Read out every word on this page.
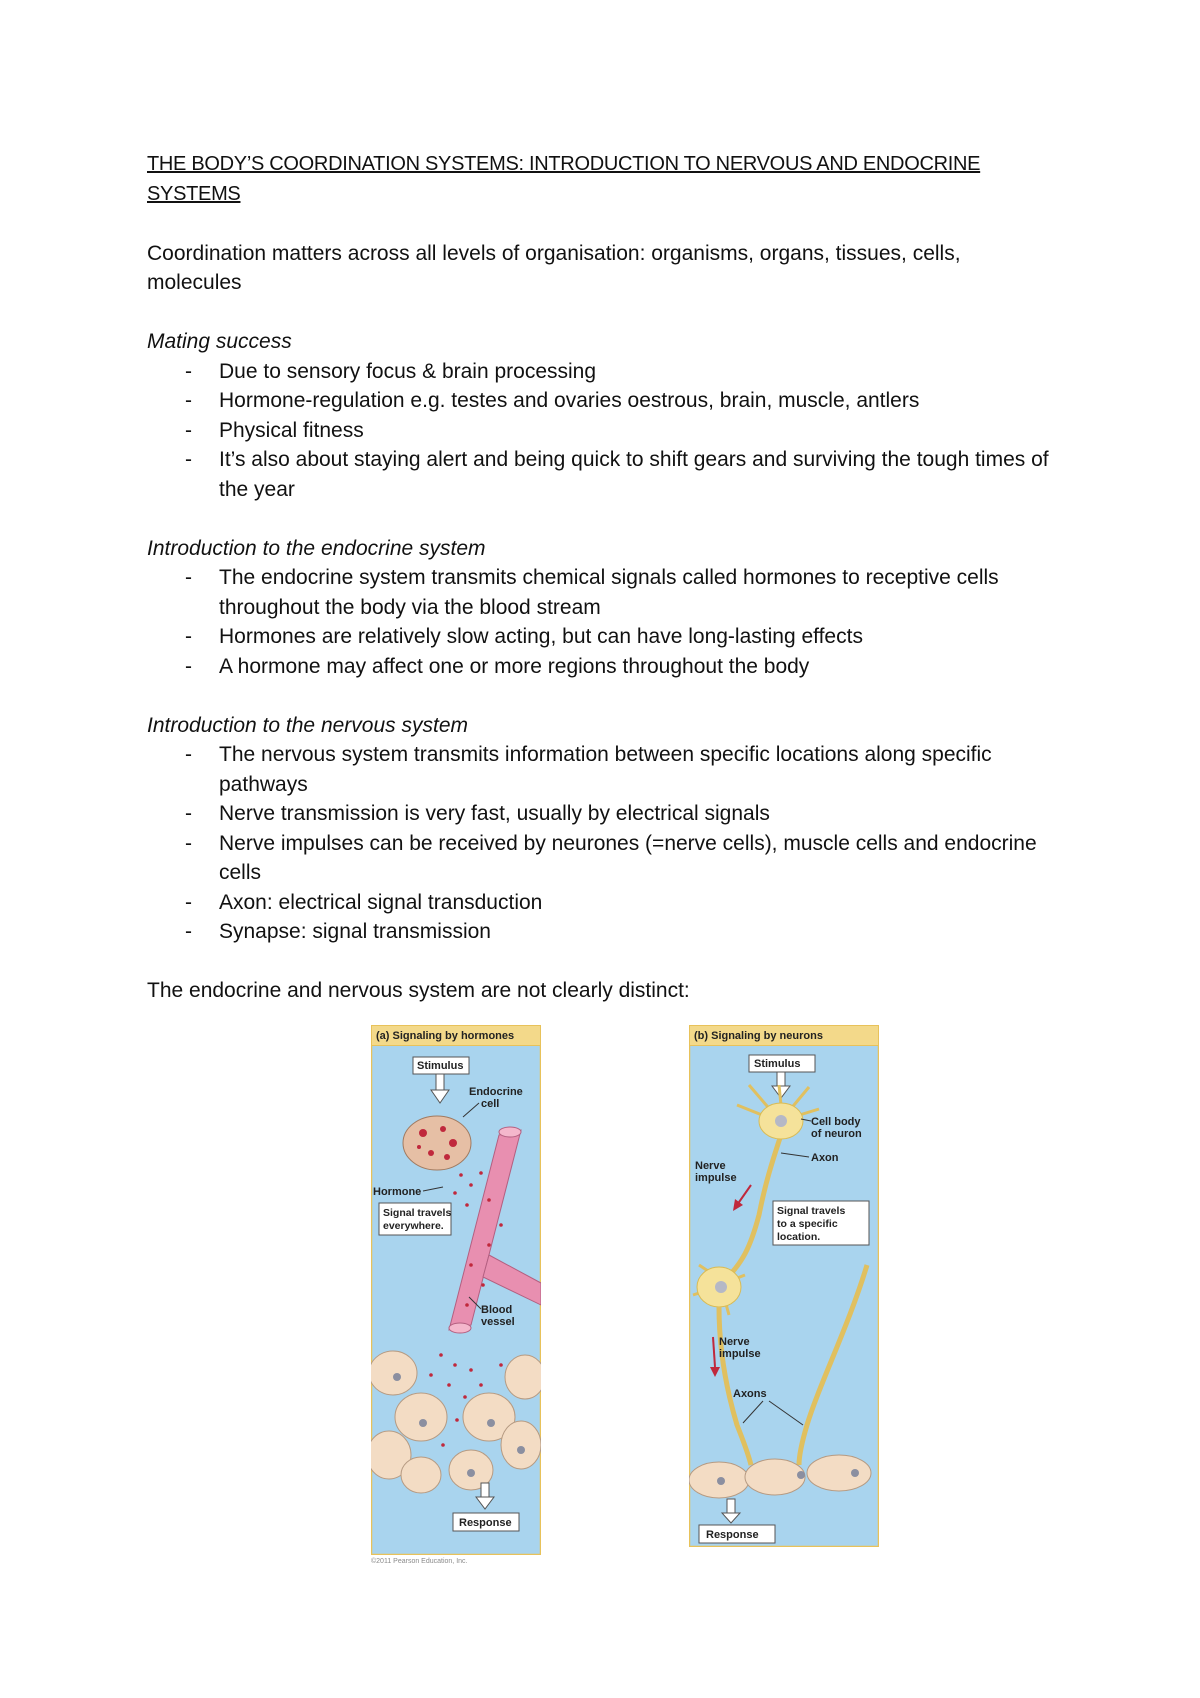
THE BODY’S COORDINATION SYSTEMS: INTRODUCTION TO NERVOUS AND ENDOCRINE
SYSTEMS

Coordination matters across all levels of organisation: organisms, organs, tissues, cells, molecules

Mating success

- Due to sensory focus & brain processing
- Hormone-regulation e.g. testes and ovaries oestrous, brain, muscle, antlers
- Physical fitness
- It’s also about staying alert and being quick to shift gears and surviving the tough times of the year

Introduction to the endocrine system

- The endocrine system transmits chemical signals called hormones to receptive cells throughout the body via the blood stream
- Hormones are relatively slow acting, but can have long-lasting effects
- A hormone may affect one or more regions throughout the body

Introduction to the nervous system

- The nervous system transmits information between specific locations along specific pathways
- Nerve transmission is very fast, usually by electrical signals
- Nerve impulses can be received by neurones (=nerve cells), muscle cells and endocrine cells
- Axon: electrical signal transduction
- Synapse: signal transmission

The endocrine and nervous system are not clearly distinct:

(a) Signaling by hormones
Stimulus
Endocrine
cell
Hormone
Signal travels
everywhere.
Blood
vessel
Response
©2011 Pearson Education, Inc.
(b) Signaling by neurons
Stimulus
Cell body
of neuron
Axon
Nerve
impulse
Signal travels
to a specific
location.
Nerve
impulse
Axons
Response
